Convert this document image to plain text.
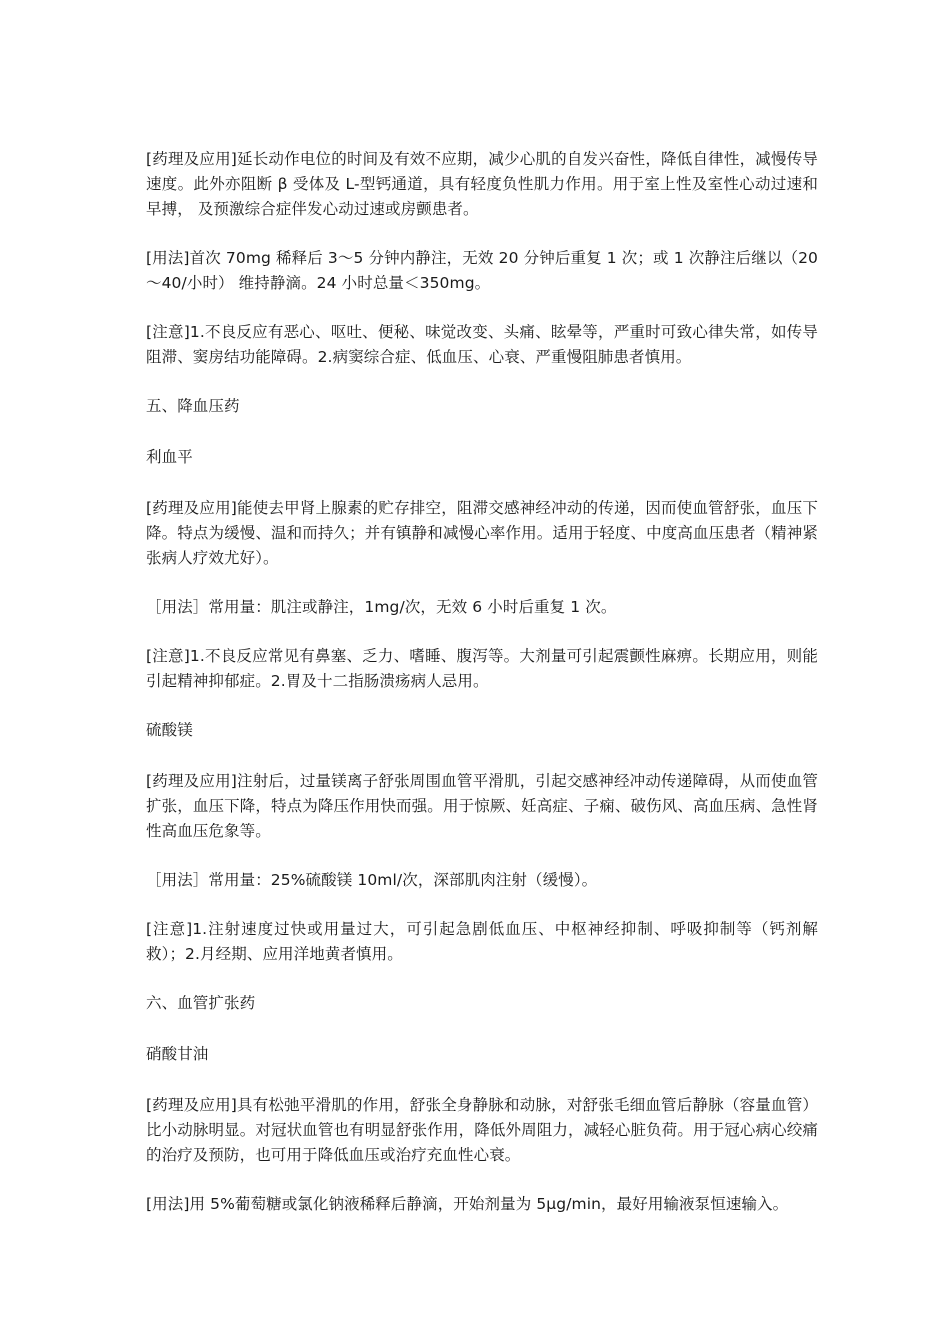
[药理及应用]延长动作电位的时间及有效不应期，减少心肌的自发兴奋性，降低自律性，减慢传导速度。此外亦阻断 β 受体及 L-型钙通道，具有轻度负性肌力作用。用于室上性及室性心动过速和早搏， 及预激综合症伴发心动过速或房颤患者。

[用法]首次 70mg 稀释后 3～5 分钟内静注，无效 20 分钟后重复 1 次；或 1 次静注后继以（20～40/小时） 维持静滴。24 小时总量＜350mg。

[注意]1.不良反应有恶心、呕吐、便秘、味觉改变、头痛、眩晕等，严重时可致心律失常，如传导阻滞、窦房结功能障碍。2.病窦综合症、低血压、心衰、严重慢阻肺患者慎用。

五、降血压药

利血平

[药理及应用]能使去甲肾上腺素的贮存排空，阻滞交感神经冲动的传递，因而使血管舒张，血压下降。特点为缓慢、温和而持久；并有镇静和减慢心率作用。适用于轻度、中度高血压患者（精神紧张病人疗效尤好）。

［用法］常用量：肌注或静注，1mg/次，无效 6 小时后重复 1 次。

[注意]1.不良反应常见有鼻塞、乏力、嗜睡、腹泻等。大剂量可引起震颤性麻痹。长期应用，则能引起精神抑郁症。2.胃及十二指肠溃疡病人忌用。

硫酸镁

[药理及应用]注射后，过量镁离子舒张周围血管平滑肌，引起交感神经冲动传递障碍，从而使血管扩张，血压下降，特点为降压作用快而强。用于惊厥、妊高症、子痫、破伤风、高血压病、急性肾性高血压危象等。

［用法］常用量：25%硫酸镁 10ml/次，深部肌肉注射（缓慢）。

[注意]1.注射速度过快或用量过大，可引起急剧低血压、中枢神经抑制、呼吸抑制等（钙剂解救）；2.月经期、应用洋地黄者慎用。

六、血管扩张药

硝酸甘油

[药理及应用]具有松弛平滑肌的作用，舒张全身静脉和动脉，对舒张毛细血管后静脉（容量血管）比小动脉明显。对冠状血管也有明显舒张作用，降低外周阻力，减轻心脏负荷。用于冠心病心绞痛的治疗及预防，也可用于降低血压或治疗充血性心衰。

[用法]用 5%葡萄糖或氯化钠液稀释后静滴，开始剂量为 5μg/min，最好用输液泵恒速输入。
